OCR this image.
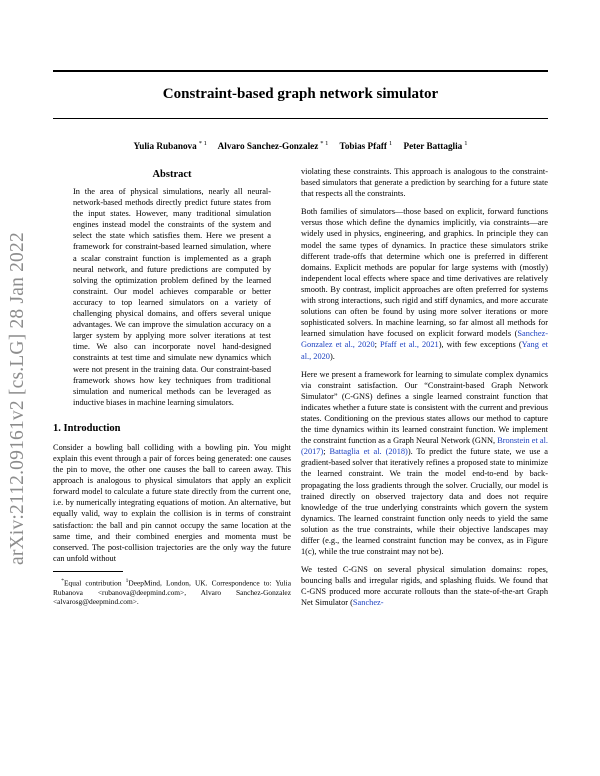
arXiv:2112.09161v2 [cs.LG] 28 Jan 2022
Constraint-based graph network simulator
Yulia Rubanova $^{* 1}$ Alvaro Sanchez-Gonzalez $^{* 1}$ Tobias Pfaff $^1$ Peter Battaglia $^1$
Abstract

In the area of physical simulations, nearly all neural-network-based methods directly predict future states from the input states. However, many traditional simulation engines instead model the constraints of the system and select the state which satisfies them. Here we present a framework for constraint-based learned simulation, where a scalar constraint function is implemented as a graph neural network, and future predictions are computed by solving the optimization problem defined by the learned constraint. Our model achieves comparable or better accuracy to top learned simulators on a variety of challenging physical domains, and offers several unique advantages. We can improve the simulation accuracy on a larger system by applying more solver iterations at test time. We also can incorporate novel hand-designed constraints at test time and simulate new dynamics which were not present in the training data. Our constraint-based framework shows how key techniques from traditional simulation and numerical methods can be leveraged as inductive biases in machine learning simulators.

1. Introduction

Consider a bowling ball colliding with a bowling pin. You might explain this event through a pair of forces being generated: one causes the pin to move, the other one causes the ball to careen away. This approach is analogous to physical simulators that apply an explicit forward model to calculate a future state directly from the current one, i.e. by numerically integrating equations of motion. An alternative, but equally valid, way to explain the collision is in terms of constraint satisfaction: the ball and pin cannot occupy the same location at the same time, and their combined energies and momenta must be conserved. The post-collision trajectories are the only way the future can unfold without

*Equal contribution $^1$DeepMind, London, UK. Correspondence to: Yulia Rubanova <rubanova@deepmind.com>, Alvaro Sanchez-Gonzalez <alvarosg@deepmind.com>.

violating these constraints. This approach is analogous to the constraint-based simulators that generate a prediction by searching for a future state that respects all the constraints.

Both families of simulators—those based on explicit, forward functions versus those which define the dynamics implicitly, via constraints—are widely used in physics, engineering, and graphics. In principle they can model the same types of dynamics. In practice these simulators strike different trade-offs that determine which one is preferred in different domains. Explicit methods are popular for large systems with (mostly) independent local effects where space and time derivatives are relatively smooth. By contrast, implicit approaches are often preferred for systems with strong interactions, such rigid and stiff dynamics, and more accurate solutions can often be found by using more solver iterations or more sophisticated solvers. In machine learning, so far almost all methods for learned simulation have focused on explicit forward models (Sanchez-Gonzalez et al., 2020; Pfaff et al., 2021), with few exceptions (Yang et al., 2020).

Here we present a framework for learning to simulate complex dynamics via constraint satisfaction. Our “Constraint-based Graph Network Simulator” (C-GNS) defines a single learned constraint function that indicates whether a future state is consistent with the current and previous states. Conditioning on the previous states allows our method to capture the time dynamics within its learned constraint function. We implement the constraint function as a Graph Neural Network (GNN, Bronstein et al. (2017); Battaglia et al. (2018)). To predict the future state, we use a gradient-based solver that iteratively refines a proposed state to minimize the learned constraint. We train the model end-to-end by back-propagating the loss gradients through the solver. Crucially, our model is trained directly on observed trajectory data and does not require knowledge of the true underlying constraints which govern the system dynamics. The learned constraint function only needs to yield the same solution as the true constraints, while their objective landscapes may differ (e.g., the learned constraint function may be convex, as in Figure 1(c), while the true constraint may not be).

We tested C-GNS on several physical simulation domains: ropes, bouncing balls and irregular rigids, and splashing fluids. We found that C-GNS produced more accurate rollouts than the state-of-the-art Graph Net Simulator (Sanchez-
